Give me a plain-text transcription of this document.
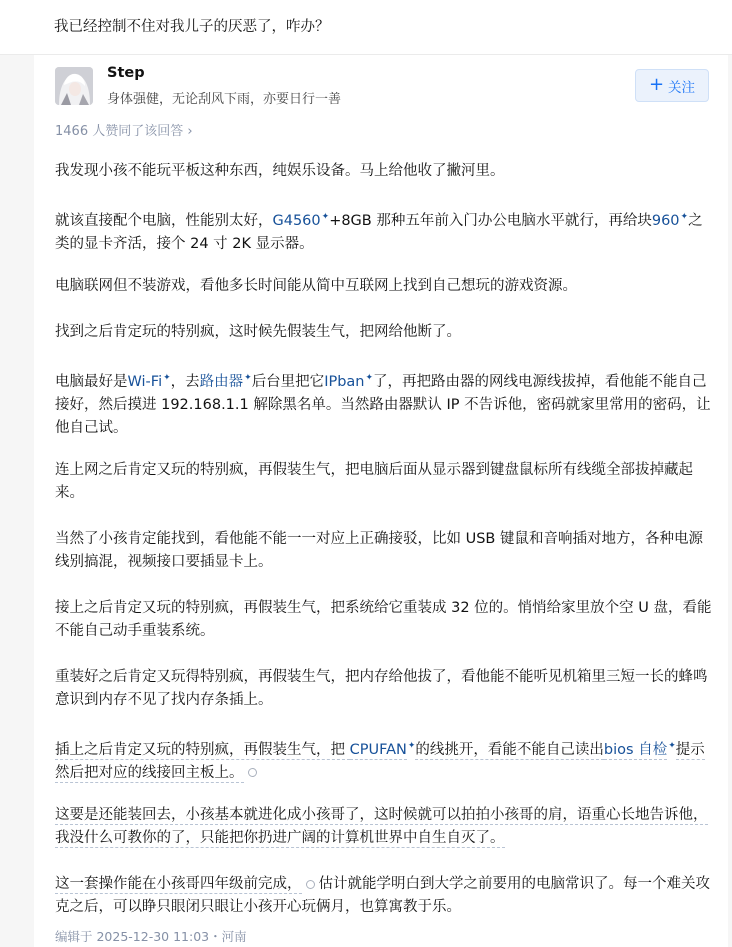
我已经控制不住对我儿子的厌恶了，咋办？
Step
身体强健，无论刮风下雨，亦要日行一善
+ 关注
1466 人赞同了该回答 ›

我发现小孩不能玩平板这种东西，纯娱乐设备。马上给他收了撇河里。

就该直接配个电脑，性能别太好，G4560✦+8GB 那种五年前入门办公电脑水平就行，再给块960✦之类的显卡齐活，接个 24 寸 2K 显示器。

电脑联网但不装游戏，看他多长时间能从简中互联网上找到自己想玩的游戏资源。

找到之后肯定玩的特别疯，这时候先假装生气，把网给他断了。

电脑最好是Wi-Fi✦，去路由器✦后台里把它IPban✦了，再把路由器的网线电源线拔掉，看他能不能自己接好，然后摸进 192.168.1.1 解除黑名单。当然路由器默认 IP 不告诉他，密码就家里常用的密码，让他自己试。

连上网之后肯定又玩的特别疯，再假装生气，把电脑后面从显示器到键盘鼠标所有线缆全部拔掉藏起来。

当然了小孩肯定能找到，看他能不能一一对应上正确接驳，比如 USB 键鼠和音响插对地方，各种电源线别搞混，视频接口要插显卡上。

接上之后肯定又玩的特别疯，再假装生气，把系统给它重装成 32 位的。悄悄给家里放个空 U 盘，看能不能自己动手重装系统。

重装好之后肯定又玩得特别疯，再假装生气，把内存给他拔了，看他能不能听见机箱里三短一长的蜂鸣意识到内存不见了找内存条插上。

插上之后肯定又玩的特别疯，再假装生气，把 CPUFAN✦的线挑开，看能不能自己读出bios 自检✦提示然后把对应的线接回主板上。

这要是还能装回去，小孩基本就进化成小孩哥了，这时候就可以拍拍小孩哥的肩，语重心长地告诉他，我没什么可教你的了，只能把你扔进广阔的计算机世界中自生自灭了。

这一套操作能在小孩哥四年级前完成， 估计就能学明白到大学之前要用的电脑常识了。每一个难关攻克之后，可以睁只眼闭只眼让小孩开心玩俩月，也算寓教于乐。

编辑于 2025-12-30 11:03・河南
